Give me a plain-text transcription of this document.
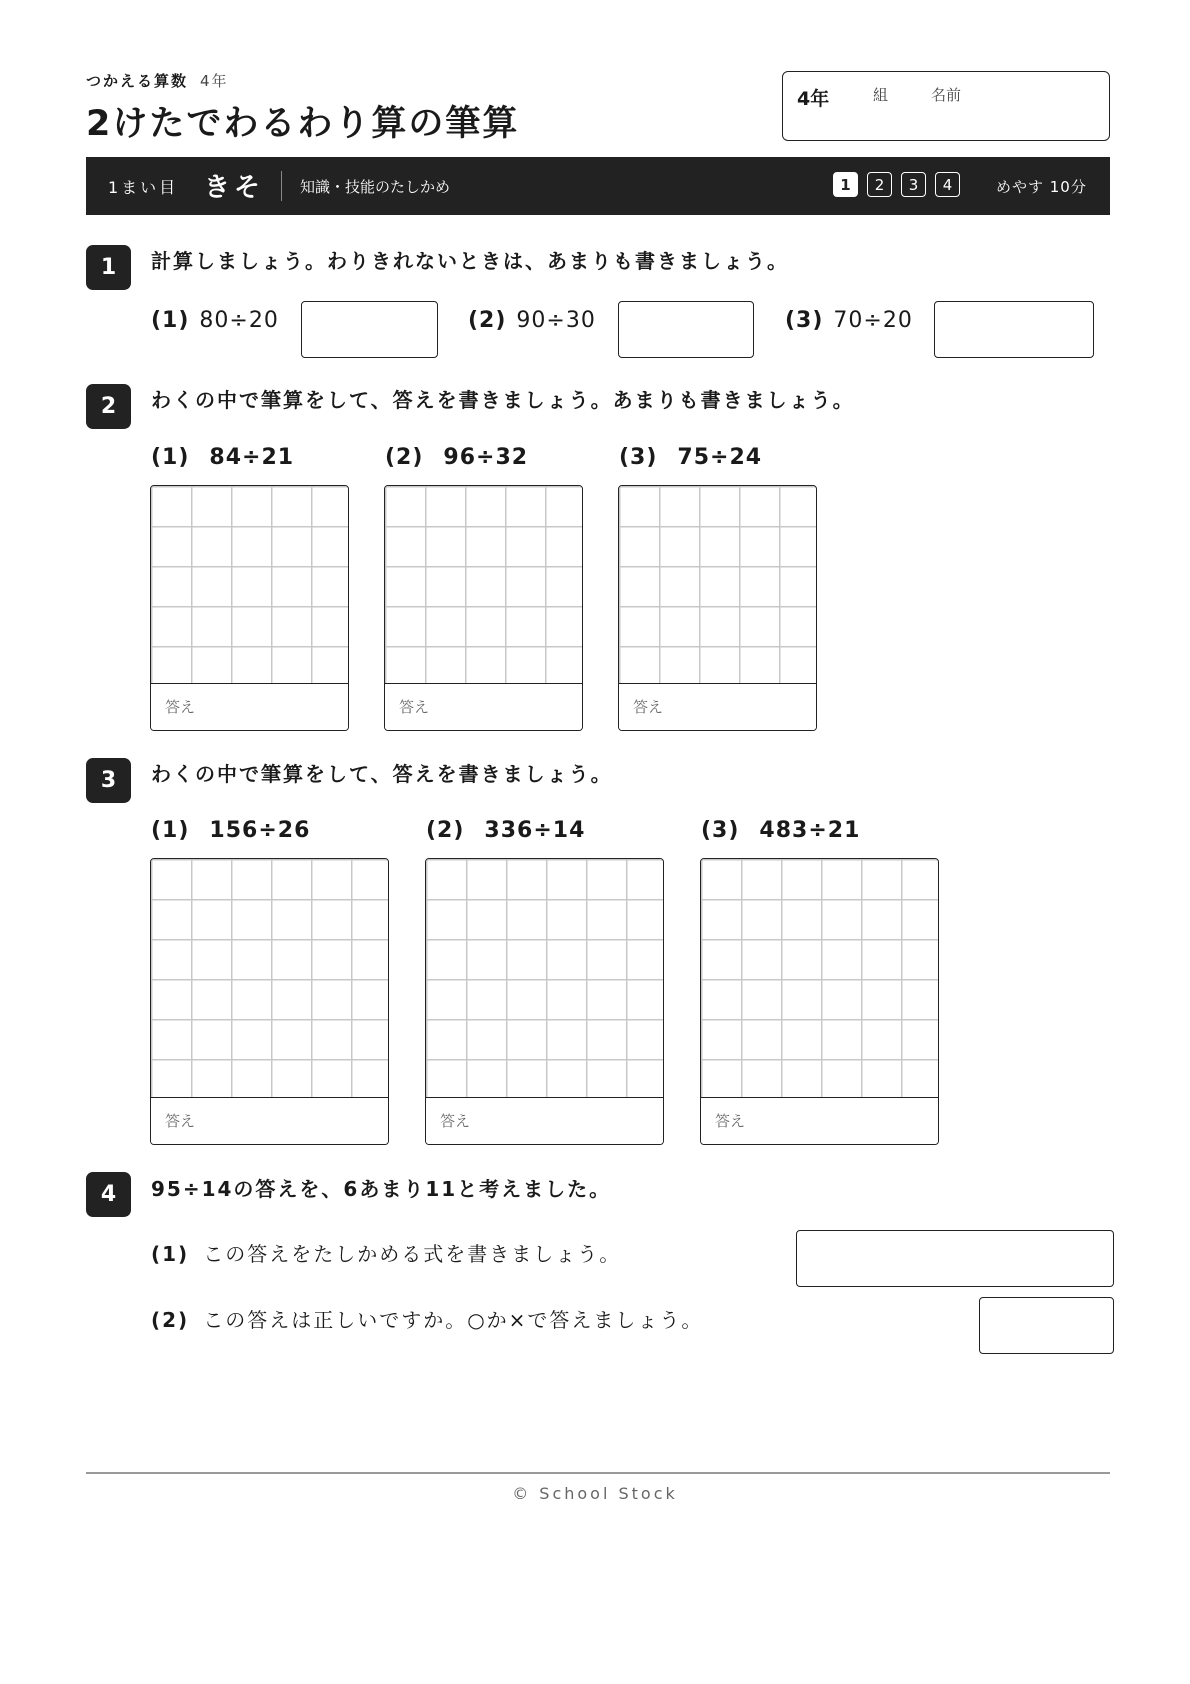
つかえる算数 4年
2けたでわるわり算の筆算
4年	組	名前
1まい目 きそ 知識・技能のたしかめ	1	2	3	4	めやす 10分
1	計算しましょう。わりきれないときは、あまりも書きましょう。
(1) 80÷20	(2) 90÷30	(3) 70÷20
2	わくの中で筆算をして、答えを書きましょう。あまりも書きましょう。
(1) 84÷21	(2) 96÷32	(3) 75÷24
答え	答え	答え
3	わくの中で筆算をして、答えを書きましょう。
(1) 156÷26	(2) 336÷14	(3) 483÷21
答え	答え	答え
4	95÷14の答えを、6あまり11と考えました。
(1) この答えをたしかめる式を書きましょう。
(2) この答えは正しいですか。○か×で答えましょう。
© School Stock
